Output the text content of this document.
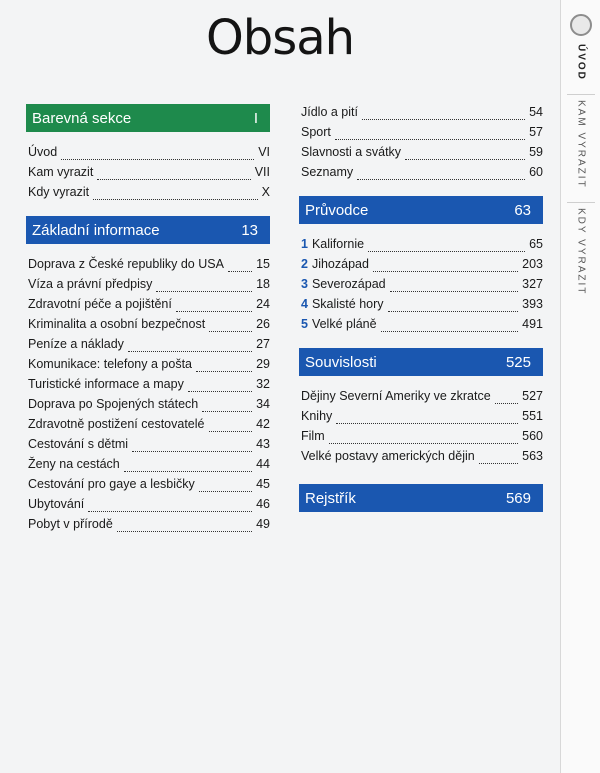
Obsah
Barevná sekce	I
Úvod	VI
Kam vyrazit	VII
Kdy vyrazit	X
Základní informace	13
Doprava z České republiky do USA	15
Víza a právní předpisy	18
Zdravotní péče a pojištění	24
Kriminalita a osobní bezpečnost	26
Peníze a náklady	27
Komunikace: telefony a pošta	29
Turistické informace a mapy	32
Doprava po Spojených státech	34
Zdravotně postižení cestovatelé	42
Cestování s dětmi	43
Ženy na cestách	44
Cestování pro gaye a lesbičky	45
Ubytování	46
Pobyt v přírodě	49
Jídlo a pití	54
Sport	57
Slavnosti a svátky	59
Seznamy	60
Průvodce	63
1 Kalifornie	65
2 Jihozápad	203
3 Severozápad	327
4 Skalisté hory	393
5 Velké pláně	491
Souvislosti	525
Dějiny Severní Ameriky ve zkratce	527
Knihy	551
Film	560
Velké postavy amerických dějin	563
Rejstřík	569
ÚVOD
KAM VYRAZIT
KDY VYRAZIT
